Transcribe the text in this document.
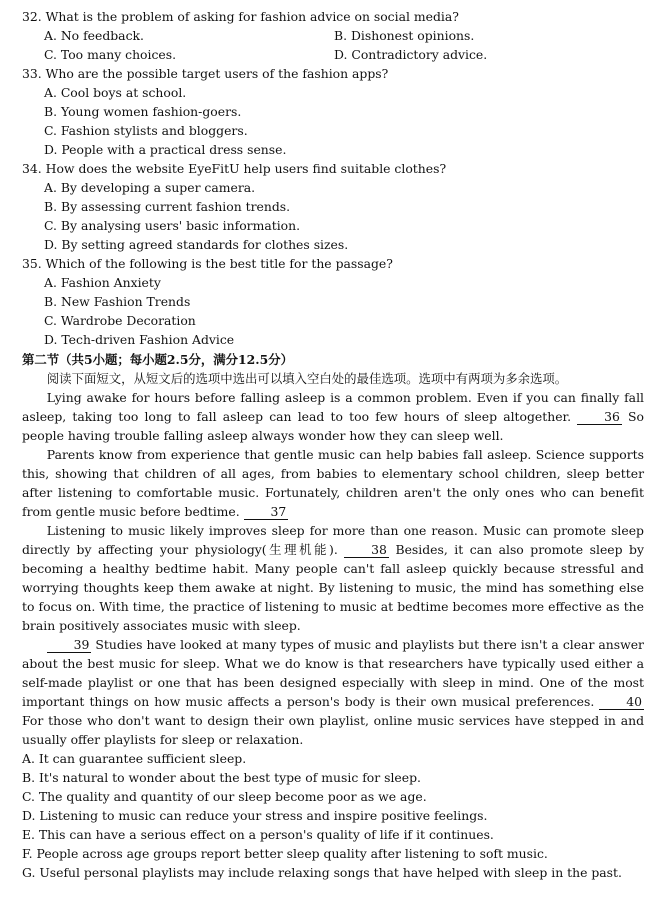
32. What is the problem of asking for fashion advice on social media?

A. No feedback.	B. Dishonest opinions.
C. Too many choices.	D. Contradictory advice.

33. Who are the possible target users of the fashion apps?

A. Cool boys at school.
B. Young women fashion-goers.
C. Fashion stylists and bloggers.
D. People with a practical dress sense.

34. How does the website EyeFitU help users find suitable clothes?

A. By developing a super camera.
B. By assessing current fashion trends.
C. By analysing users' basic information.
D. By setting agreed standards for clothes sizes.

35. Which of the following is the best title for the passage?

A. Fashion Anxiety
B. New Fashion Trends
C. Wardrobe Decoration
D. Tech-driven Fashion Advice
第二节（共5小题；每小题2.5分，满分12.5分）
阅读下面短文，从短文后的选项中选出可以填入空白处的最佳选项。选项中有两项为多余选项。
Lying awake for hours before falling asleep is a common problem. Even if you can finally fall asleep, taking too long to fall asleep can lead to too few hours of sleep altogether.	36 So people having trouble falling asleep always wonder how they can sleep well.
Parents know from experience that gentle music can help babies fall asleep. Science supports this, showing that children of all ages, from babies to elementary school children, sleep better after listening to comfortable music. Fortunately, children aren't the only ones who can benefit from gentle music before bedtime. 37
Listening to music likely improves sleep for more than one reason. Music can promote sleep directly by affecting your physiology(生理机能).	38 Besides, it can also promote sleep by becoming a healthy bedtime habit. Many people can't fall asleep quickly because stressful and worrying thoughts keep them awake at night. By listening to music, the mind has something else to focus on. With time, the practice of listening to music at bedtime becomes more effective as the brain positively associates music with sleep.
39 Studies have looked at many types of music and playlists but there isn't a clear answer about the best music for sleep. What we do know is that researchers have typically used either a self-made playlist or one that has been designed especially with sleep in mind. One of the most important things on how music affects a person's body is their own musical preferences.	40 For those who don't want to design their own playlist, online music services have stepped in and usually offer playlists for sleep or relaxation.
A. It can guarantee sufficient sleep.
B. It's natural to wonder about the best type of music for sleep.
C. The quality and quantity of our sleep become poor as we age.
D. Listening to music can reduce your stress and inspire positive feelings.
E. This can have a serious effect on a person's quality of life if it continues.
F. People across age groups report better sleep quality after listening to soft music.
G. Useful personal playlists may include relaxing songs that have helped with sleep in the past.
